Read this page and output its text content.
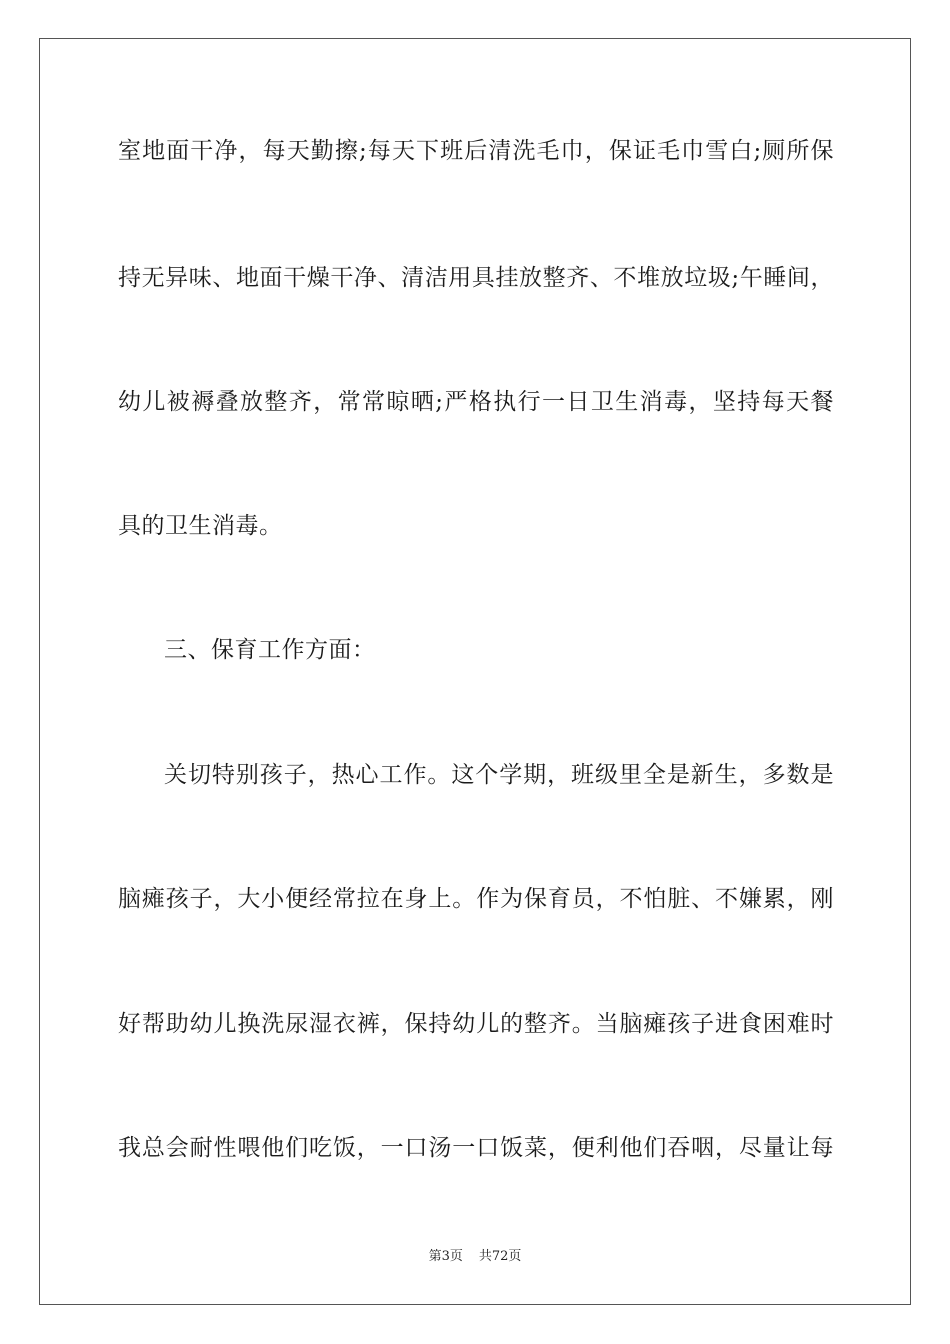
室地面干净，每天勤擦;每天下班后清洗毛巾，保证毛巾雪白;厕所保
持无异味、地面干燥干净、清洁用具挂放整齐、不堆放垃圾;午睡间，
幼儿被褥叠放整齐，常常晾晒;严格执行一日卫生消毒，坚持每天餐
具的卫生消毒。
三、保育工作方面：
关切特别孩子，热心工作。这个学期，班级里全是新生，多数是
脑瘫孩子，大小便经常拉在身上。作为保育员，不怕脏、不嫌累，刚
好帮助幼儿换洗尿湿衣裤，保持幼儿的整齐。当脑瘫孩子进食困难时
我总会耐性喂他们吃饭，一口汤一口饭菜，便利他们吞咽，尽量让每
第3页 共72页
